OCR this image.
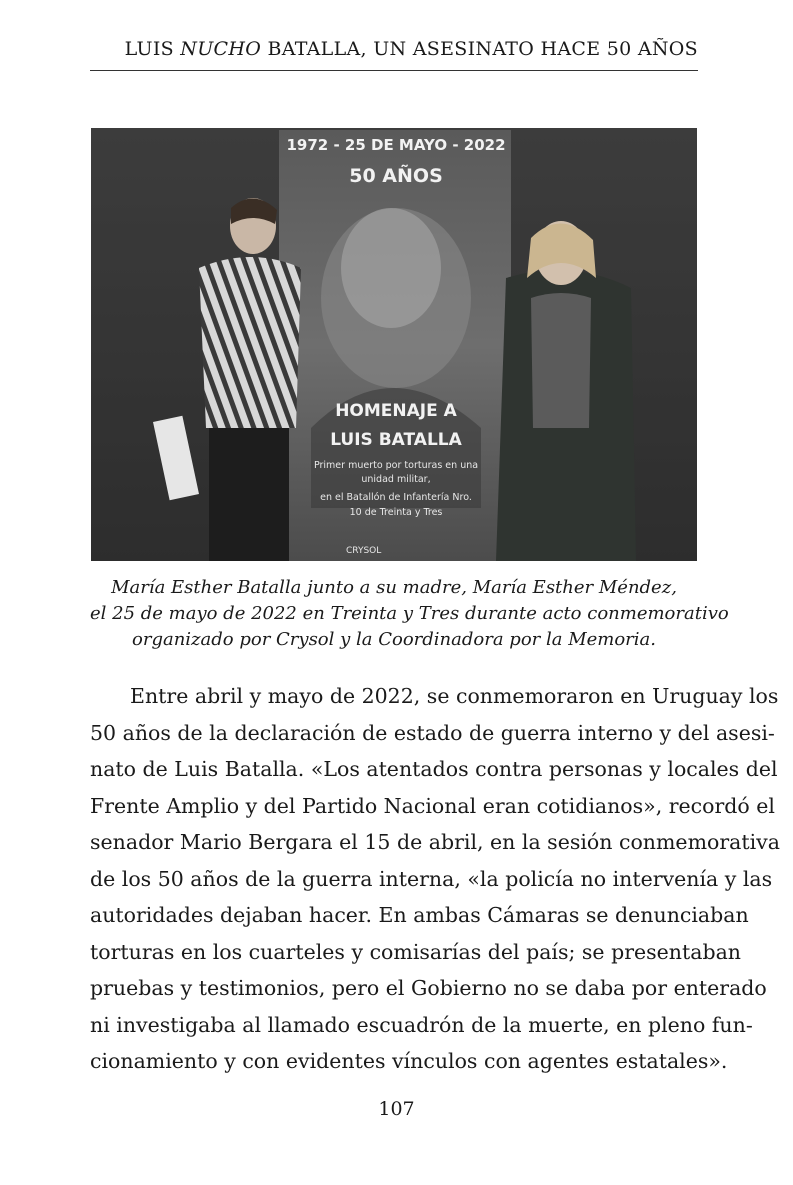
LUIS NUCHO BATALLA, UN ASESINATO HACE 50 AÑOS
1972 - 25 DE MAYO - 2022
50 AÑOS
HOMENAJE A
LUIS BATALLA
Primer muerto por torturas en una
unidad militar,
en el Batallón de Infantería Nro.
10 de Treinta y Tres
CRYSOL
María Esther Batalla junto a su madre, María Esther Méndez,
el 25 de mayo de 2022 en Treinta y Tres durante acto conmemorativo
organizado por Crysol y la Coordinadora por la Memoria.
Entre abril y mayo de 2022, se conmemoraron en Uruguay los
50 años de la declaración de estado de guerra interno y del asesi-
nato de Luis Batalla. «Los atentados contra personas y locales del
Frente Amplio y del Partido Nacional eran cotidianos», recordó el
senador Mario Bergara el 15 de abril, en la sesión conmemorativa
de los 50 años de la guerra interna, «la policía no intervenía y las
autoridades dejaban hacer. En ambas Cámaras se denunciaban
torturas en los cuarteles y comisarías del país; se presentaban
pruebas y testimonios, pero el Gobierno no se daba por enterado
ni investigaba al llamado escuadrón de la muerte, en pleno fun-
cionamiento y con evidentes vínculos con agentes estatales».
107
